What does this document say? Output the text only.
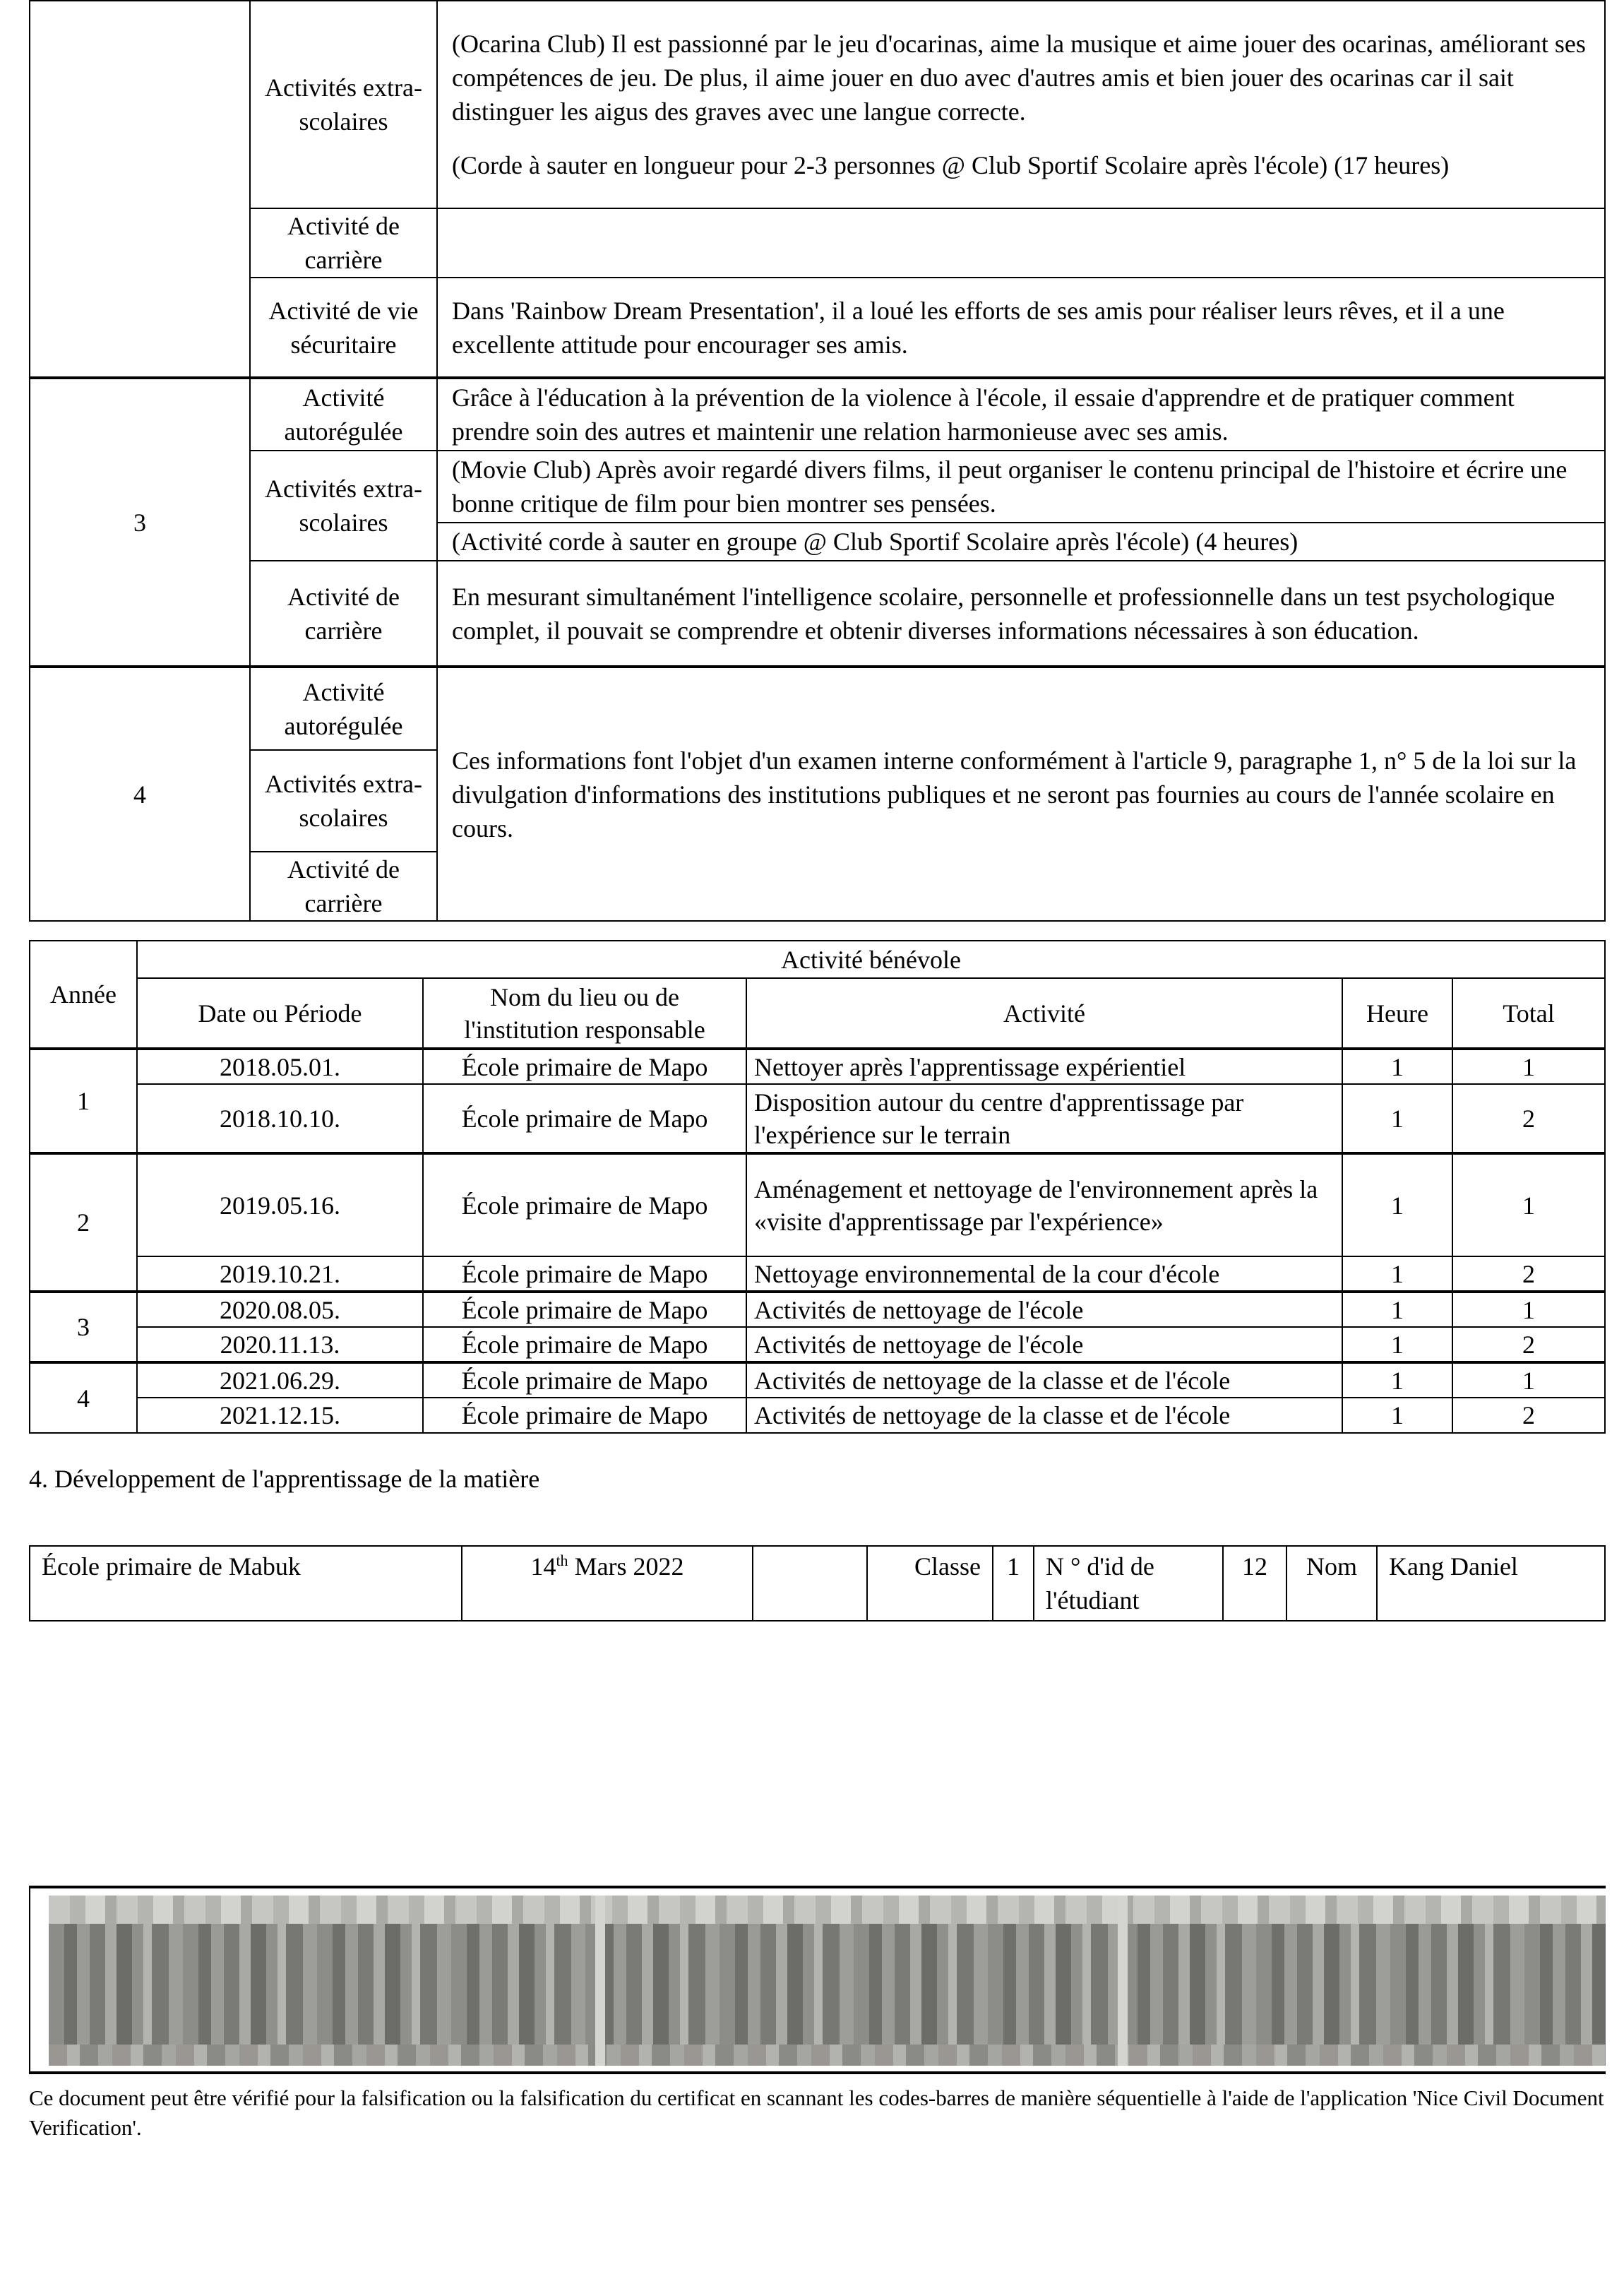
	Activités extra-scolaires	(Ocarina Club) Il est passionné par le jeu d'ocarinas, aime la musique et aime jouer des ocarinas, améliorant ses compétences de jeu. De plus, il aime jouer en duo avec d'autres amis et bien jouer des ocarinas car il sait distinguer les aigus des graves avec une langue correcte.
(Corde à sauter en longueur pour 2-3 personnes @ Club Sportif Scolaire après l'école) (17 heures)

	Activité de carrière	
	Activité de vie sécuritaire	Dans 'Rainbow Dream Presentation', il a loué les efforts de ses amis pour réaliser leurs rêves, et il a une excellente attitude pour encourager ses amis.
3	Activité autorégulée	Grâce à l'éducation à la prévention de la violence à l'école, il essaie d'apprendre et de pratiquer comment prendre soin des autres et maintenir une relation harmonieuse avec ses amis.
	Activités extra-scolaires	(Movie Club) Après avoir regardé divers films, il peut organiser le contenu principal de l'histoire et écrire une bonne critique de film pour bien montrer ses pensées.
		(Activité corde à sauter en groupe @ Club Sportif Scolaire après l'école) (4 heures)
	Activité de carrière	En mesurant simultanément l'intelligence scolaire, personnelle et professionnelle dans un test psychologique complet, il pouvait se comprendre et obtenir diverses informations nécessaires à son éducation.
4	Activité autorégulée	Ces informations font l'objet d'un examen interne conformément à l'article 9, paragraphe 1, n° 5 de la loi sur la divulgation d'informations des institutions publiques et ne seront pas fournies au cours de l'année scolaire en cours.
	Activités extra-scolaires	
	Activité de carrière	
Année	Activité bénévole				
	Date ou Période	Nom du lieu ou de l'institution responsable	Activité	Heure	Total
1	2018.05.01.	École primaire de Mapo	Nettoyer après l'apprentissage expérientiel	1	1
	2018.10.10.	École primaire de Mapo	Disposition autour du centre d'apprentissage par l'expérience sur le terrain	1	2
2	2019.05.16.	École primaire de Mapo	Aménagement et nettoyage de l'environnement après la «visite d'apprentissage par l'expérience»	1	1
	2019.10.21.	École primaire de Mapo	Nettoyage environnemental de la cour d'école	1	2
3	2020.08.05.	École primaire de Mapo	Activités de nettoyage de l'école	1	1
	2020.11.13.	École primaire de Mapo	Activités de nettoyage de l'école	1	2
4	2021.06.29.	École primaire de Mapo	Activités de nettoyage de la classe et de l'école	1	1
	2021.12.15.	École primaire de Mapo	Activités de nettoyage de la classe et de l'école	1	2
4. Développement de l'apprentissage de la matière
École primaire de Mabuk	14th Mars 2022		Classe	1	N ° d'id de l'étudiant	12	Nom	Kang Daniel
Ce document peut être vérifié pour la falsification ou la falsification du certificat en scannant les codes-barres de manière séquentielle à l'aide de l'application 'Nice Civil Document Verification'.
